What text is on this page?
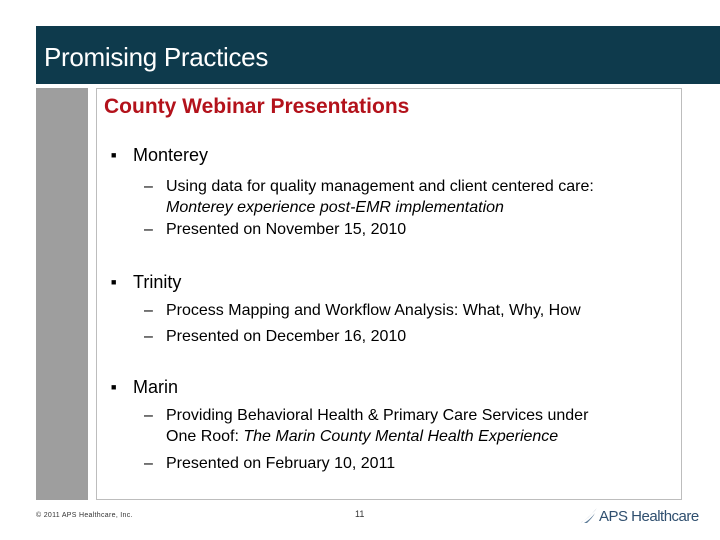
Promising Practices
County Webinar Presentations
■ Monterey
– Using data for quality management and client centered care:
Monterey experience post-EMR implementation
– Presented on November 15, 2010
■ Trinity
– Process Mapping and Workflow Analysis: What, Why, How
– Presented on December 16, 2010
■ Marin
– Providing Behavioral Health & Primary Care Services under
One Roof: The Marin County Mental Health Experience
– Presented on February 10, 2011
© 2011 APS Healthcare, Inc.	11	APS Healthcare
